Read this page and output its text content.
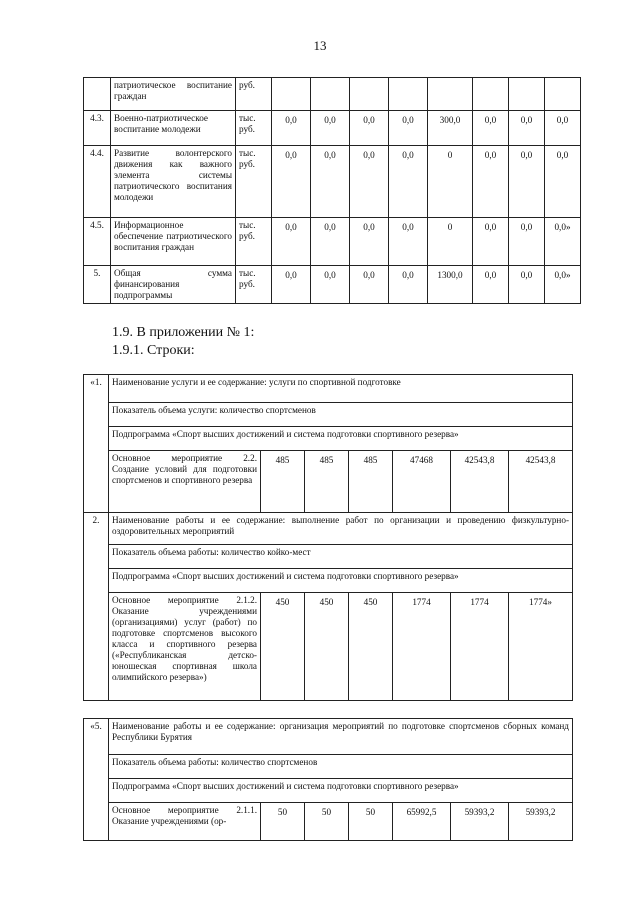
13
	патриотическое воспитание граждан	руб.								
4.3.	Военно-патриотическое воспитание молодежи	тыс. руб.	0,0	0,0	0,0	0,0	300,0	0,0	0,0	0,0
4.4.	Развитие волонтерского движения как важного элемента системы патриотического воспитания молодежи	тыс. руб.	0,0	0,0	0,0	0,0	0	0,0	0,0	0,0
4.5.	Информационное обеспечение патриотического воспитания граждан	тыс. руб.	0,0	0,0	0,0	0,0	0	0,0	0,0	0,0»
5.	Общая сумма финансирования подпрограммы	тыс. руб.	0,0	0,0	0,0	0,0	1300,0	0,0	0,0	0,0»
1.9. В приложении № 1:
1.9.1. Строки:
«1.	Наименование услуги и ее содержание: услуги по спортивной подготовке						
	Показатель объема услуги: количество спортсменов						
	Подпрограмма «Спорт высших достижений и система подготовки спортивного резерва»						
	Основное мероприятие 2.2. Создание условий для подготовки спортсменов и спортивного резерва	485	485	485	47468	42543,8	42543,8
2.	Наименование работы и ее содержание: выполнение работ по организации и проведению физкультурно-оздоровительных мероприятий						
	Показатель объема работы: количество койко-мест						
	Подпрограмма «Спорт высших достижений и система подготовки спортивного резерва»						
	Основное мероприятие 2.1.2. Оказание учреждениями (организациями) услуг (работ) по подготовке спортсменов высокого класса и спортивного резерва («Республиканская детско-юношеская спортивная школа олимпийского резерва»)	450	450	450	1774	1774	1774»
«5.	Наименование работы и ее содержание: организация мероприятий по подготовке спортсменов сборных команд Республики Бурятия						
	Показатель объема работы: количество спортсменов						
	Подпрограмма «Спорт высших достижений и система подготовки спортивного резерва»						
	Основное мероприятие 2.1.1. Оказание учреждениями (ор-	50	50	50	65992,5	59393,2	59393,2
